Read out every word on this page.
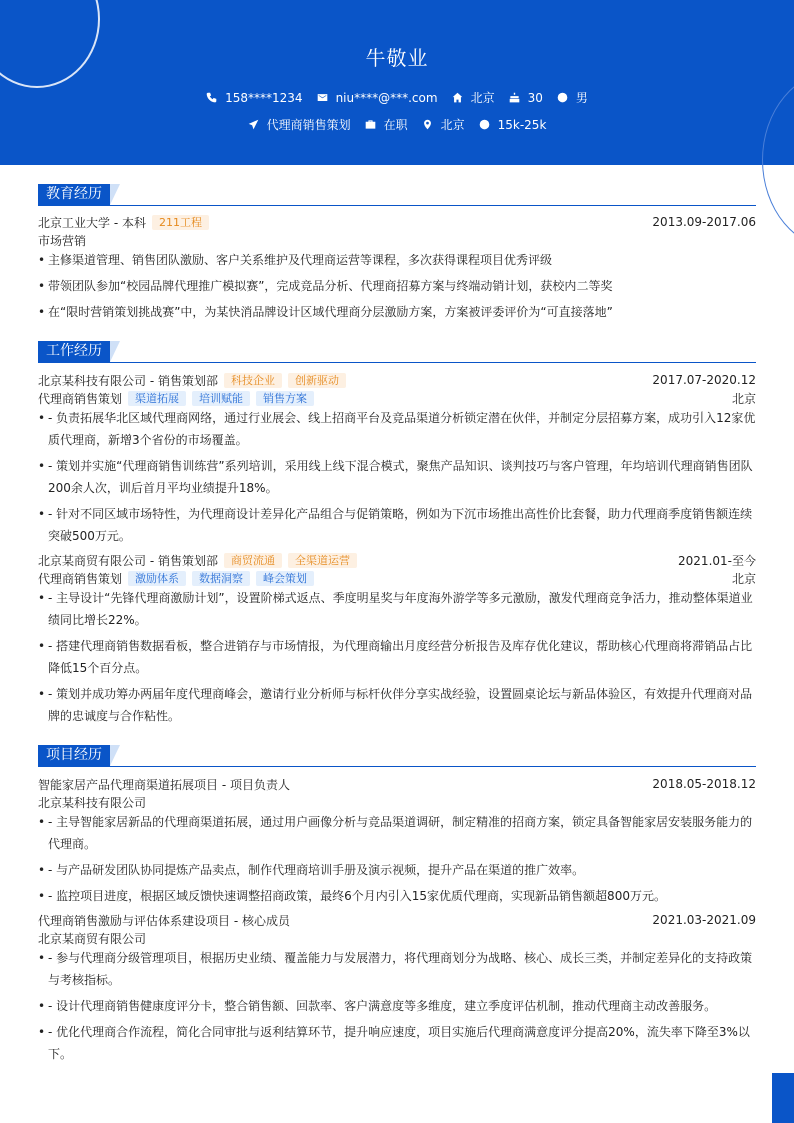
牛敬业
158****1234	niu****@***.com	北京	30	男
代理商销售策划	在职	北京	15k-25k
教育经历
北京工业大学 - 本科	211工程	2013.09-2017.06
市场营销
• 主修渠道管理、销售团队激励、客户关系维护及代理商运营等课程，多次获得课程项目优秀评级
• 带领团队参加“校园品牌代理推广模拟赛”，完成竞品分析、代理商招募方案与终端动销计划，获校内二等奖
• 在“限时营销策划挑战赛”中，为某快消品牌设计区域代理商分层激励方案，方案被评委评价为“可直接落地”
工作经历
北京某科技有限公司 - 销售策划部	科技企业	创新驱动	2017.07-2020.12
代理商销售策划	渠道拓展	培训赋能	销售方案	北京
• - 负责拓展华北区域代理商网络，通过行业展会、线上招商平台及竞品渠道分析锁定潜在伙伴，并制定分层招募方案，成功引入12家优质代理商，新增3个省份的市场覆盖。
• - 策划并实施“代理商销售训练营”系列培训，采用线上线下混合模式，聚焦产品知识、谈判技巧与客户管理，年均培训代理商销售团队200余人次，训后首月平均业绩提升18%。
• - 针对不同区域市场特性，为代理商设计差异化产品组合与促销策略，例如为下沉市场推出高性价比套餐，助力代理商季度销售额连续突破500万元。
北京某商贸有限公司 - 销售策划部	商贸流通	全渠道运营	2021.01-至今
代理商销售策划	激励体系	数据洞察	峰会策划	北京
• - 主导设计“先锋代理商激励计划”，设置阶梯式返点、季度明星奖与年度海外游学等多元激励，激发代理商竞争活力，推动整体渠道业绩同比增长22%。
• - 搭建代理商销售数据看板，整合进销存与市场情报，为代理商输出月度经营分析报告及库存优化建议，帮助核心代理商将滞销品占比降低15个百分点。
• - 策划并成功筹办两届年度代理商峰会，邀请行业分析师与标杆伙伴分享实战经验，设置圆桌论坛与新品体验区，有效提升代理商对品牌的忠诚度与合作粘性。
项目经历
智能家居产品代理商渠道拓展项目 - 项目负责人	2018.05-2018.12
北京某科技有限公司
• - 主导智能家居新品的代理商渠道拓展，通过用户画像分析与竞品渠道调研，制定精准的招商方案，锁定具备智能家居安装服务能力的代理商。
• - 与产品研发团队协同提炼产品卖点，制作代理商培训手册及演示视频，提升产品在渠道的推广效率。
• - 监控项目进度，根据区域反馈快速调整招商政策，最终6个月内引入15家优质代理商，实现新品销售额超800万元。
代理商销售激励与评估体系建设项目 - 核心成员	2021.03-2021.09
北京某商贸有限公司
• - 参与代理商分级管理项目，根据历史业绩、覆盖能力与发展潜力，将代理商划分为战略、核心、成长三类，并制定差异化的支持政策与考核指标。
• - 设计代理商销售健康度评分卡，整合销售额、回款率、客户满意度等多维度，建立季度评估机制，推动代理商主动改善服务。
• - 优化代理商合作流程，简化合同审批与返利结算环节，提升响应速度，项目实施后代理商满意度评分提高20%，流失率下降至3%以下。
